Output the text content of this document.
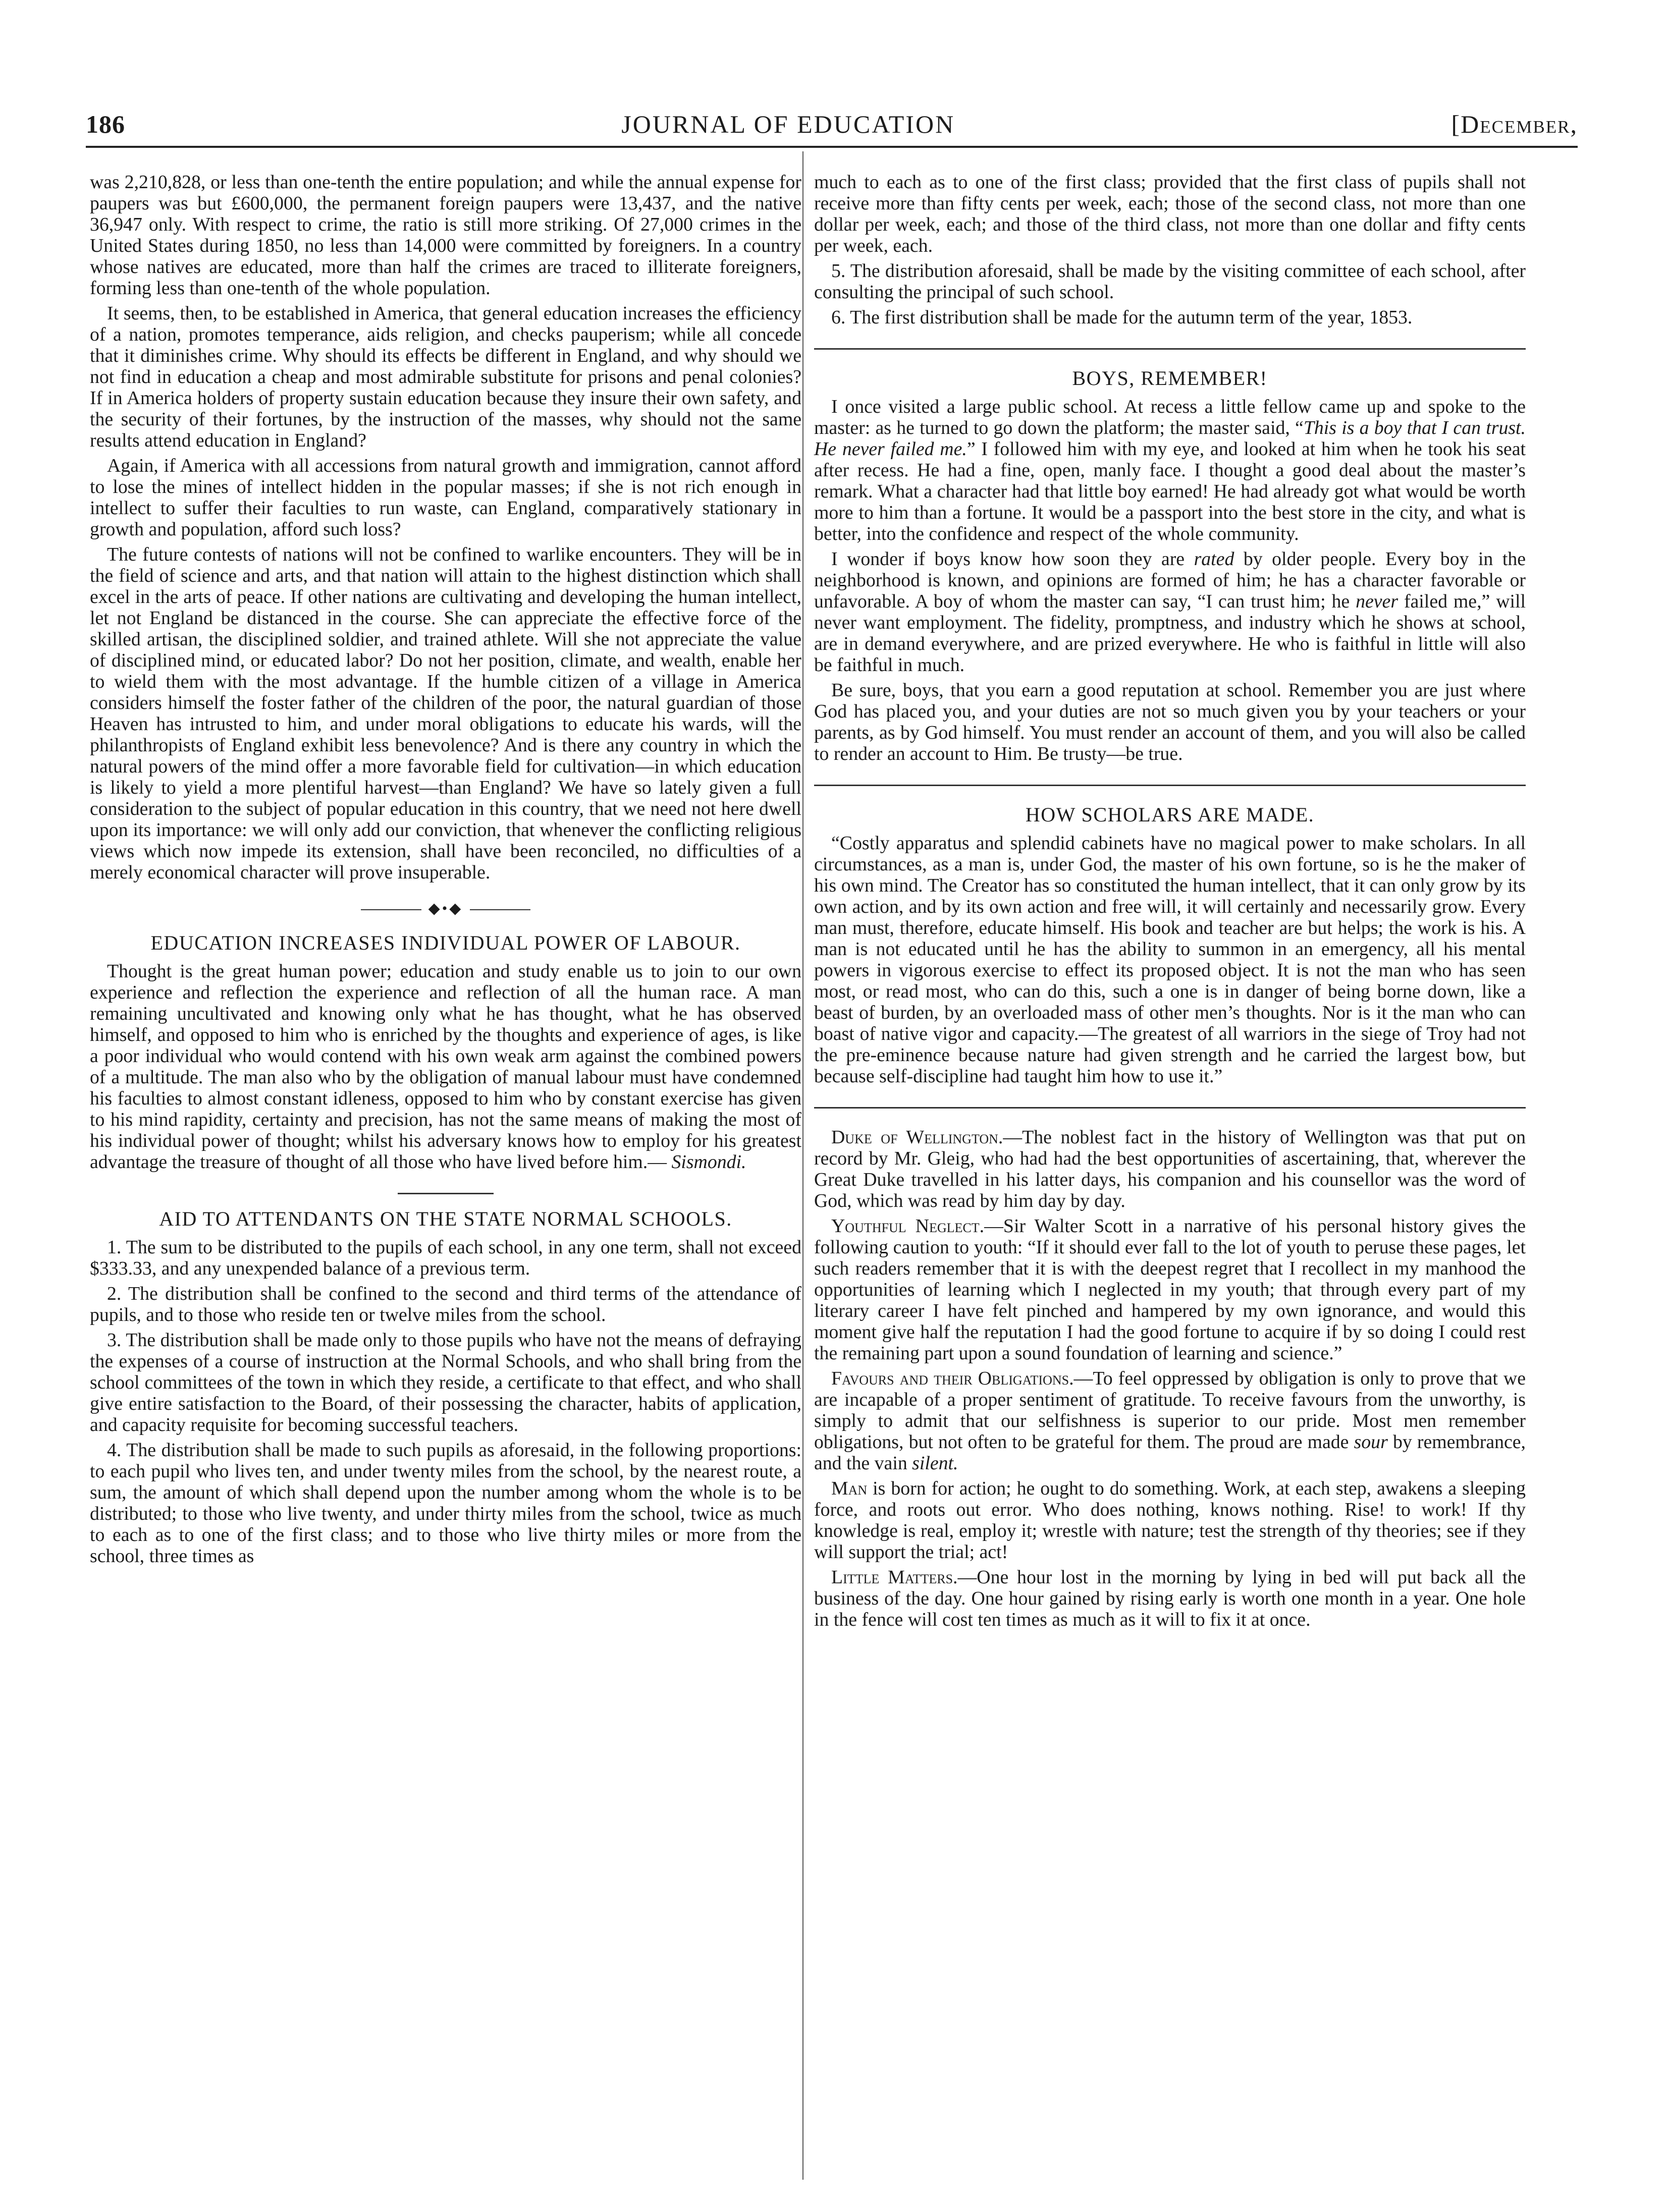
186	JOURNAL OF EDUCATION	[December,

was 2,210,828, or less than one-tenth the entire population; and while the annual expense for paupers was but £600,000, the permanent foreign paupers were 13,437, and the native 36,947 only. With respect to crime, the ratio is still more striking. Of 27,000 crimes in the United States during 1850, no less than 14,000 were committed by foreigners. In a country whose natives are educated, more than half the crimes are traced to illiterate foreigners, forming less than one-tenth of the whole population.

It seems, then, to be established in America, that general education increases the efficiency of a nation, promotes temperance, aids religion, and checks pauperism; while all concede that it diminishes crime. Why should its effects be different in England, and why should we not find in education a cheap and most admirable substitute for prisons and penal colonies? If in America holders of property sustain education because they insure their own safety, and the security of their fortunes, by the instruction of the masses, why should not the same results attend education in England?

Again, if America with all accessions from natural growth and immigration, cannot afford to lose the mines of intellect hidden in the popular masses; if she is not rich enough in intellect to suffer their faculties to run waste, can England, comparatively stationary in growth and population, afford such loss?

The future contests of nations will not be confined to warlike encounters. They will be in the field of science and arts, and that nation will attain to the highest distinction which shall excel in the arts of peace. If other nations are cultivating and developing the human intellect, let not England be distanced in the course. She can appreciate the effective force of the skilled artisan, the disciplined soldier, and trained athlete. Will she not appreciate the value of disciplined mind, or educated labor? Do not her position, climate, and wealth, enable her to wield them with the most advantage. If the humble citizen of a village in America considers himself the foster father of the children of the poor, the natural guardian of those Heaven has intrusted to him, and under moral obligations to educate his wards, will the philanthropists of England exhibit less benevolence? And is there any country in which the natural powers of the mind offer a more favorable field for cultivation—in which education is likely to yield a more plentiful harvest—than England? We have so lately given a full consideration to the subject of popular education in this country, that we need not here dwell upon its importance: we will only add our conviction, that whenever the conflicting religious views which now impede its extension, shall have been reconciled, no difficulties of a merely economical character will prove insuperable.

◆•◆
EDUCATION INCREASES INDIVIDUAL POWER OF LABOUR.

Thought is the great human power; education and study enable us to join to our own experience and reflection the experience and reflection of all the human race. A man remaining uncultivated and knowing only what he has thought, what he has observed himself, and opposed to him who is enriched by the thoughts and experience of ages, is like a poor individual who would contend with his own weak arm against the combined powers of a multitude. The man also who by the obligation of manual labour must have condemned his faculties to almost constant idleness, opposed to him who by constant exercise has given to his mind rapidity, certainty and precision, has not the same means of making the most of his individual power of thought; whilst his adversary knows how to employ for his greatest advantage the treasure of thought of all those who have lived before him.— Sismondi.

AID TO ATTENDANTS ON THE STATE NORMAL SCHOOLS.

1. The sum to be distributed to the pupils of each school, in any one term, shall not exceed $333.33, and any unexpended balance of a previous term.

2. The distribution shall be confined to the second and third terms of the attendance of pupils, and to those who reside ten or twelve miles from the school.

3. The distribution shall be made only to those pupils who have not the means of defraying the expenses of a course of instruction at the Normal Schools, and who shall bring from the school committees of the town in which they reside, a certificate to that effect, and who shall give entire satisfaction to the Board, of their possessing the character, habits of application, and capacity requisite for becoming successful teachers.

4. The distribution shall be made to such pupils as aforesaid, in the following proportions: to each pupil who lives ten, and under twenty miles from the school, by the nearest route, a sum, the amount of which shall depend upon the number among whom the whole is to be distributed; to those who live twenty, and under thirty miles from the school, twice as much to each as to one of the first class; and to those who live thirty miles or more from the school, three times as

much to each as to one of the first class; provided that the first class of pupils shall not receive more than fifty cents per week, each; those of the second class, not more than one dollar per week, each; and those of the third class, not more than one dollar and fifty cents per week, each.

5. The distribution aforesaid, shall be made by the visiting committee of each school, after consulting the principal of such school.

6. The first distribution shall be made for the autumn term of the year, 1853.

BOYS, REMEMBER!

I once visited a large public school. At recess a little fellow came up and spoke to the master: as he turned to go down the platform; the master said, “This is a boy that I can trust. He never failed me.” I followed him with my eye, and looked at him when he took his seat after recess. He had a fine, open, manly face. I thought a good deal about the master’s remark. What a character had that little boy earned! He had already got what would be worth more to him than a fortune. It would be a passport into the best store in the city, and what is better, into the confidence and respect of the whole community.

I wonder if boys know how soon they are rated by older people. Every boy in the neighborhood is known, and opinions are formed of him; he has a character favorable or unfavorable. A boy of whom the master can say, “I can trust him; he never failed me,” will never want employment. The fidelity, promptness, and industry which he shows at school, are in demand everywhere, and are prized everywhere. He who is faithful in little will also be faithful in much.

Be sure, boys, that you earn a good reputation at school. Remember you are just where God has placed you, and your duties are not so much given you by your teachers or your parents, as by God himself. You must render an account of them, and you will also be called to render an account to Him. Be trusty—be true.

HOW SCHOLARS ARE MADE.

“Costly apparatus and splendid cabinets have no magical power to make scholars. In all circumstances, as a man is, under God, the master of his own fortune, so is he the maker of his own mind. The Creator has so constituted the human intellect, that it can only grow by its own action, and by its own action and free will, it will certainly and necessarily grow. Every man must, therefore, educate himself. His book and teacher are but helps; the work is his. A man is not educated until he has the ability to summon in an emergency, all his mental powers in vigorous exercise to effect its proposed object. It is not the man who has seen most, or read most, who can do this, such a one is in danger of being borne down, like a beast of burden, by an overloaded mass of other men’s thoughts. Nor is it the man who can boast of native vigor and capacity.—The greatest of all warriors in the siege of Troy had not the pre-eminence because nature had given strength and he carried the largest bow, but because self-discipline had taught him how to use it.”

Duke of Wellington.—The noblest fact in the history of Wellington was that put on record by Mr. Gleig, who had had the best opportunities of ascertaining, that, wherever the Great Duke travelled in his latter days, his companion and his counsellor was the word of God, which was read by him day by day.

Youthful Neglect.—Sir Walter Scott in a narrative of his personal history gives the following caution to youth: “If it should ever fall to the lot of youth to peruse these pages, let such readers remember that it is with the deepest regret that I recollect in my manhood the opportunities of learning which I neglected in my youth; that through every part of my literary career I have felt pinched and hampered by my own ignorance, and would this moment give half the reputation I had the good fortune to acquire if by so doing I could rest the remaining part upon a sound foundation of learning and science.”

Favours and their Obligations.—To feel oppressed by obligation is only to prove that we are incapable of a proper sentiment of gratitude. To receive favours from the unworthy, is simply to admit that our selfishness is superior to our pride. Most men remember obligations, but not often to be grateful for them. The proud are made sour by remembrance, and the vain silent.

Man is born for action; he ought to do something. Work, at each step, awakens a sleeping force, and roots out error. Who does nothing, knows nothing. Rise! to work! If thy knowledge is real, employ it; wrestle with nature; test the strength of thy theories; see if they will support the trial; act!

Little Matters.—One hour lost in the morning by lying in bed will put back all the business of the day. One hour gained by rising early is worth one month in a year. One hole in the fence will cost ten times as much as it will to fix it at once.
